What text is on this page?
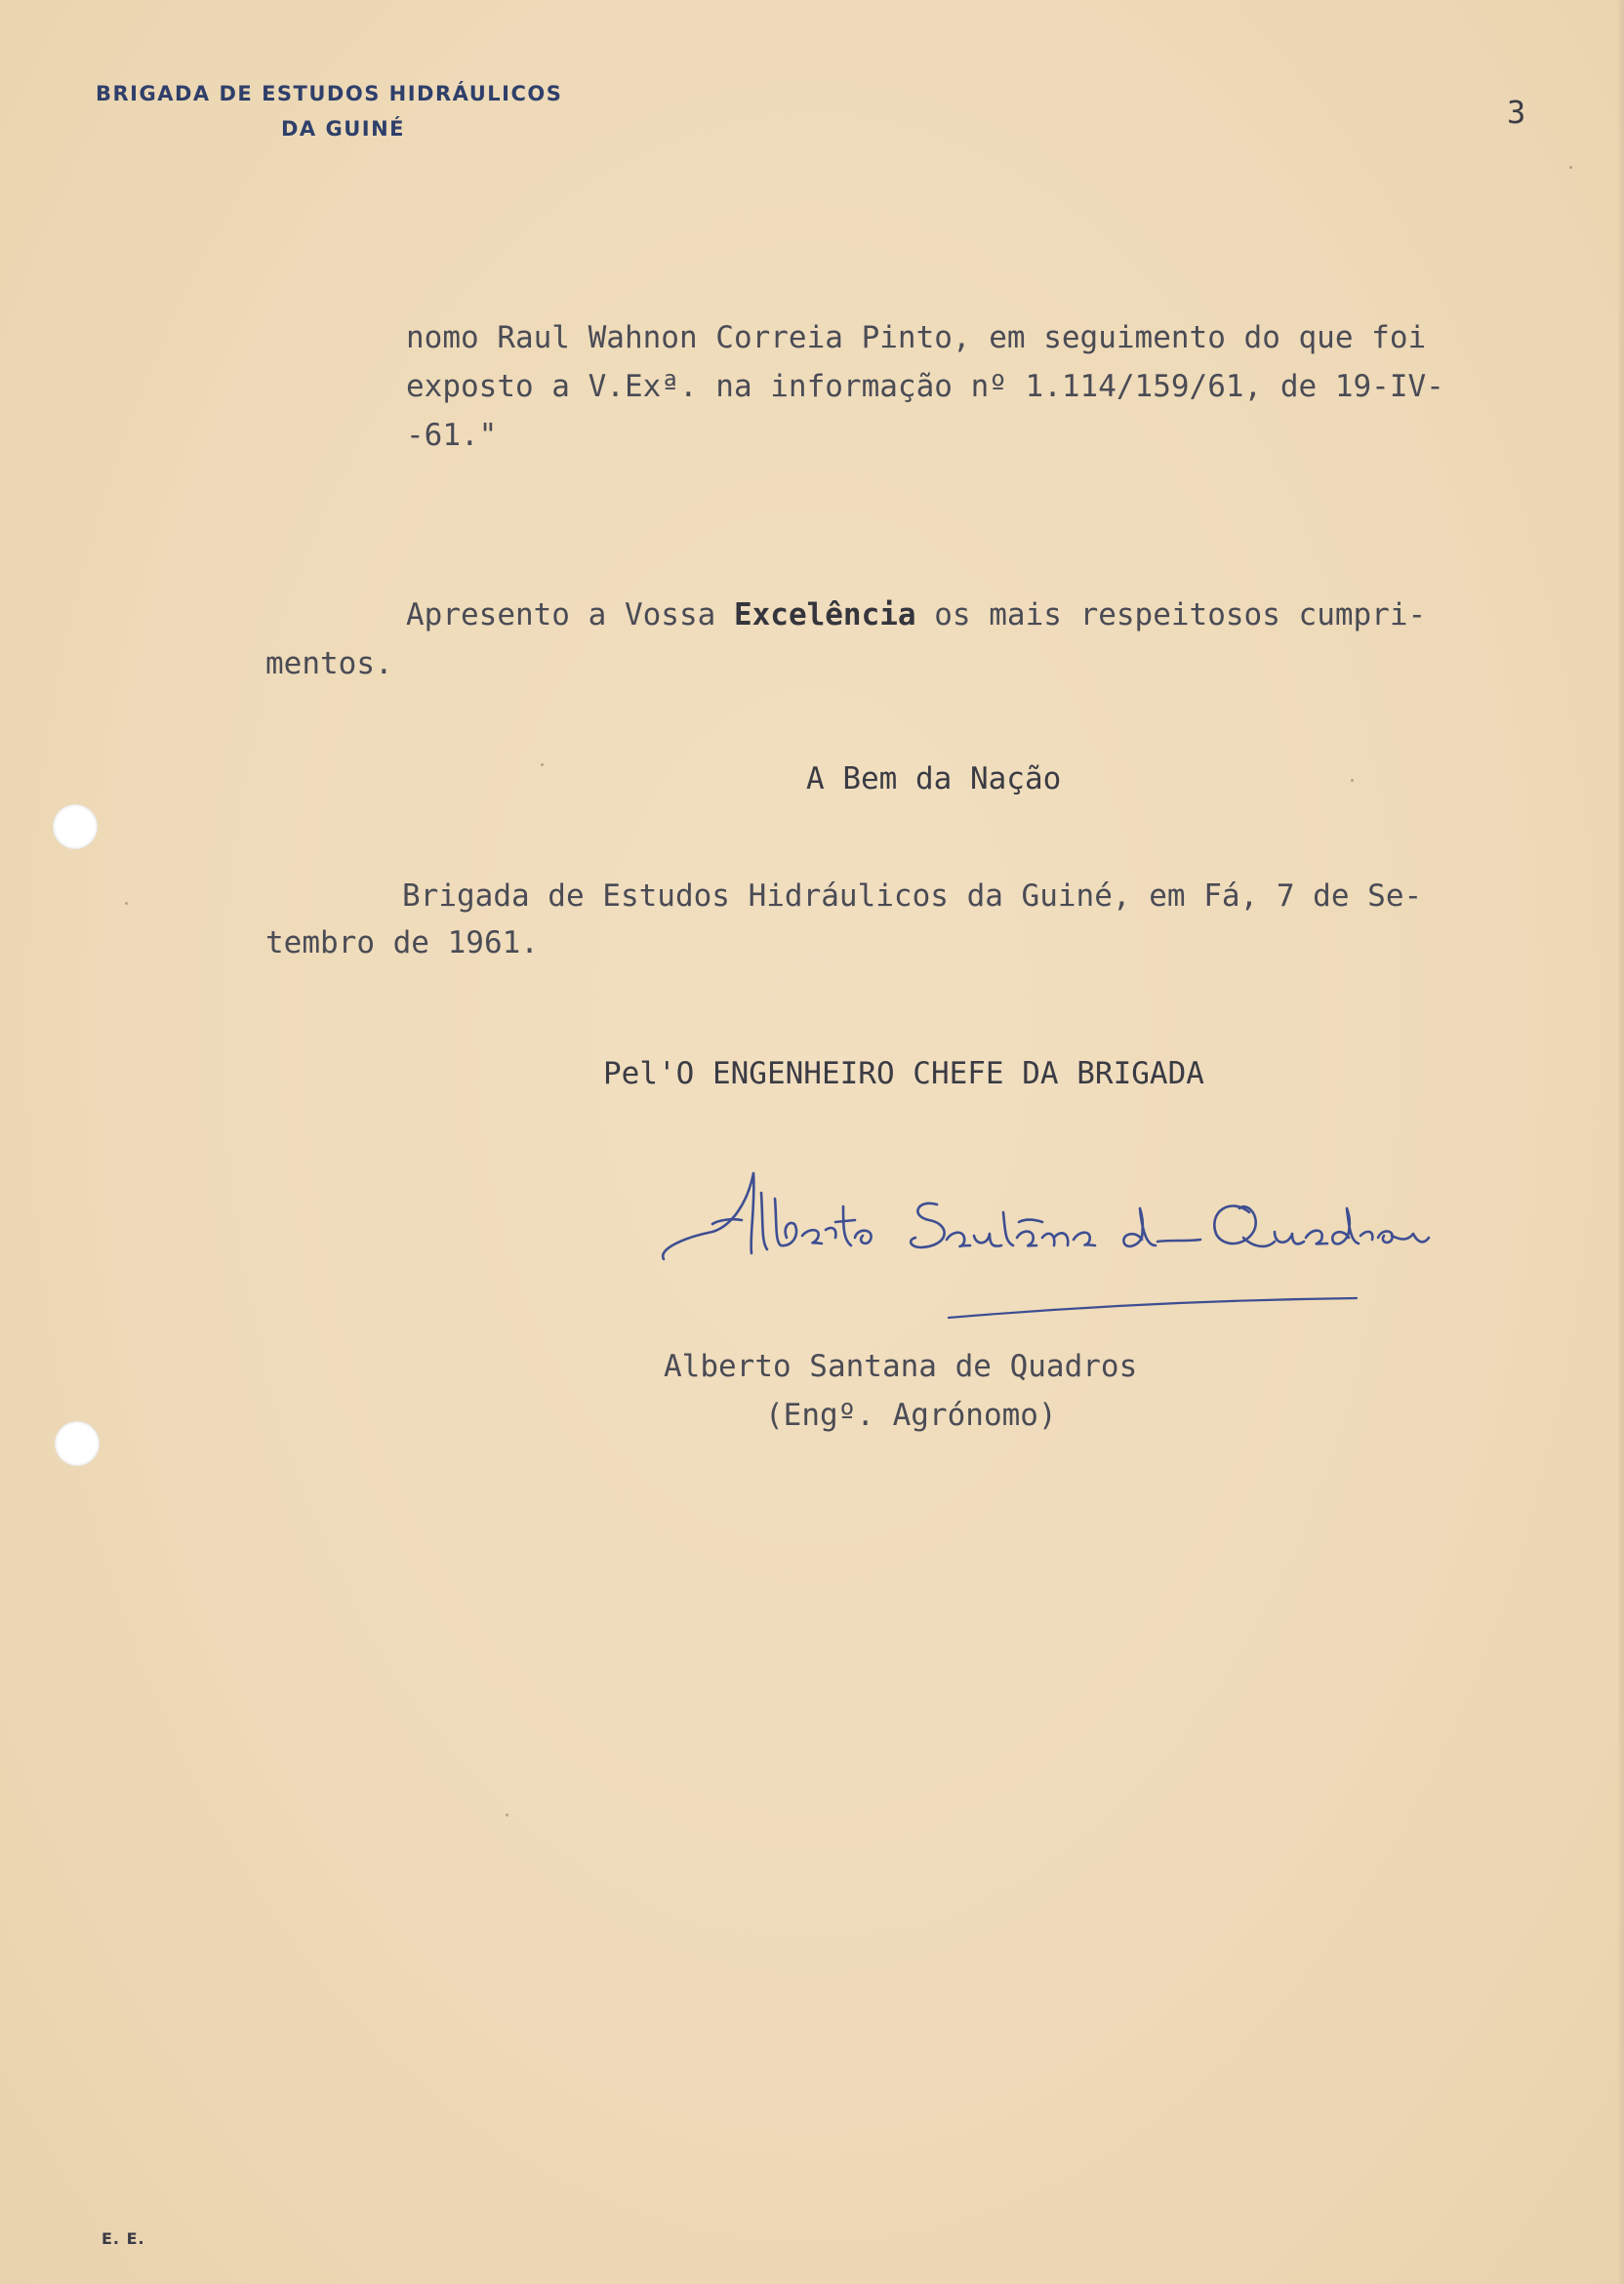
BRIGADA DE ESTUDOS HIDRÁULICOS
DA GUINÉ	3
nomo Raul Wahnon Correia Pinto, em seguimento do que foi
exposto a V.Exª. na informação nº 1.114/159/61, de 19-IV-
-61."
Apresento a Vossa Excelência os mais respeitosos cumpri-
mentos.
A Bem da Nação
Brigada de Estudos Hidráulicos da Guiné, em Fá, 7 de Se-
tembro de 1961.
Pel'O ENGENHEIRO CHEFE DA BRIGADA
Alberto Santana de Quadros
(Engº. Agrónomo)
E. E.
